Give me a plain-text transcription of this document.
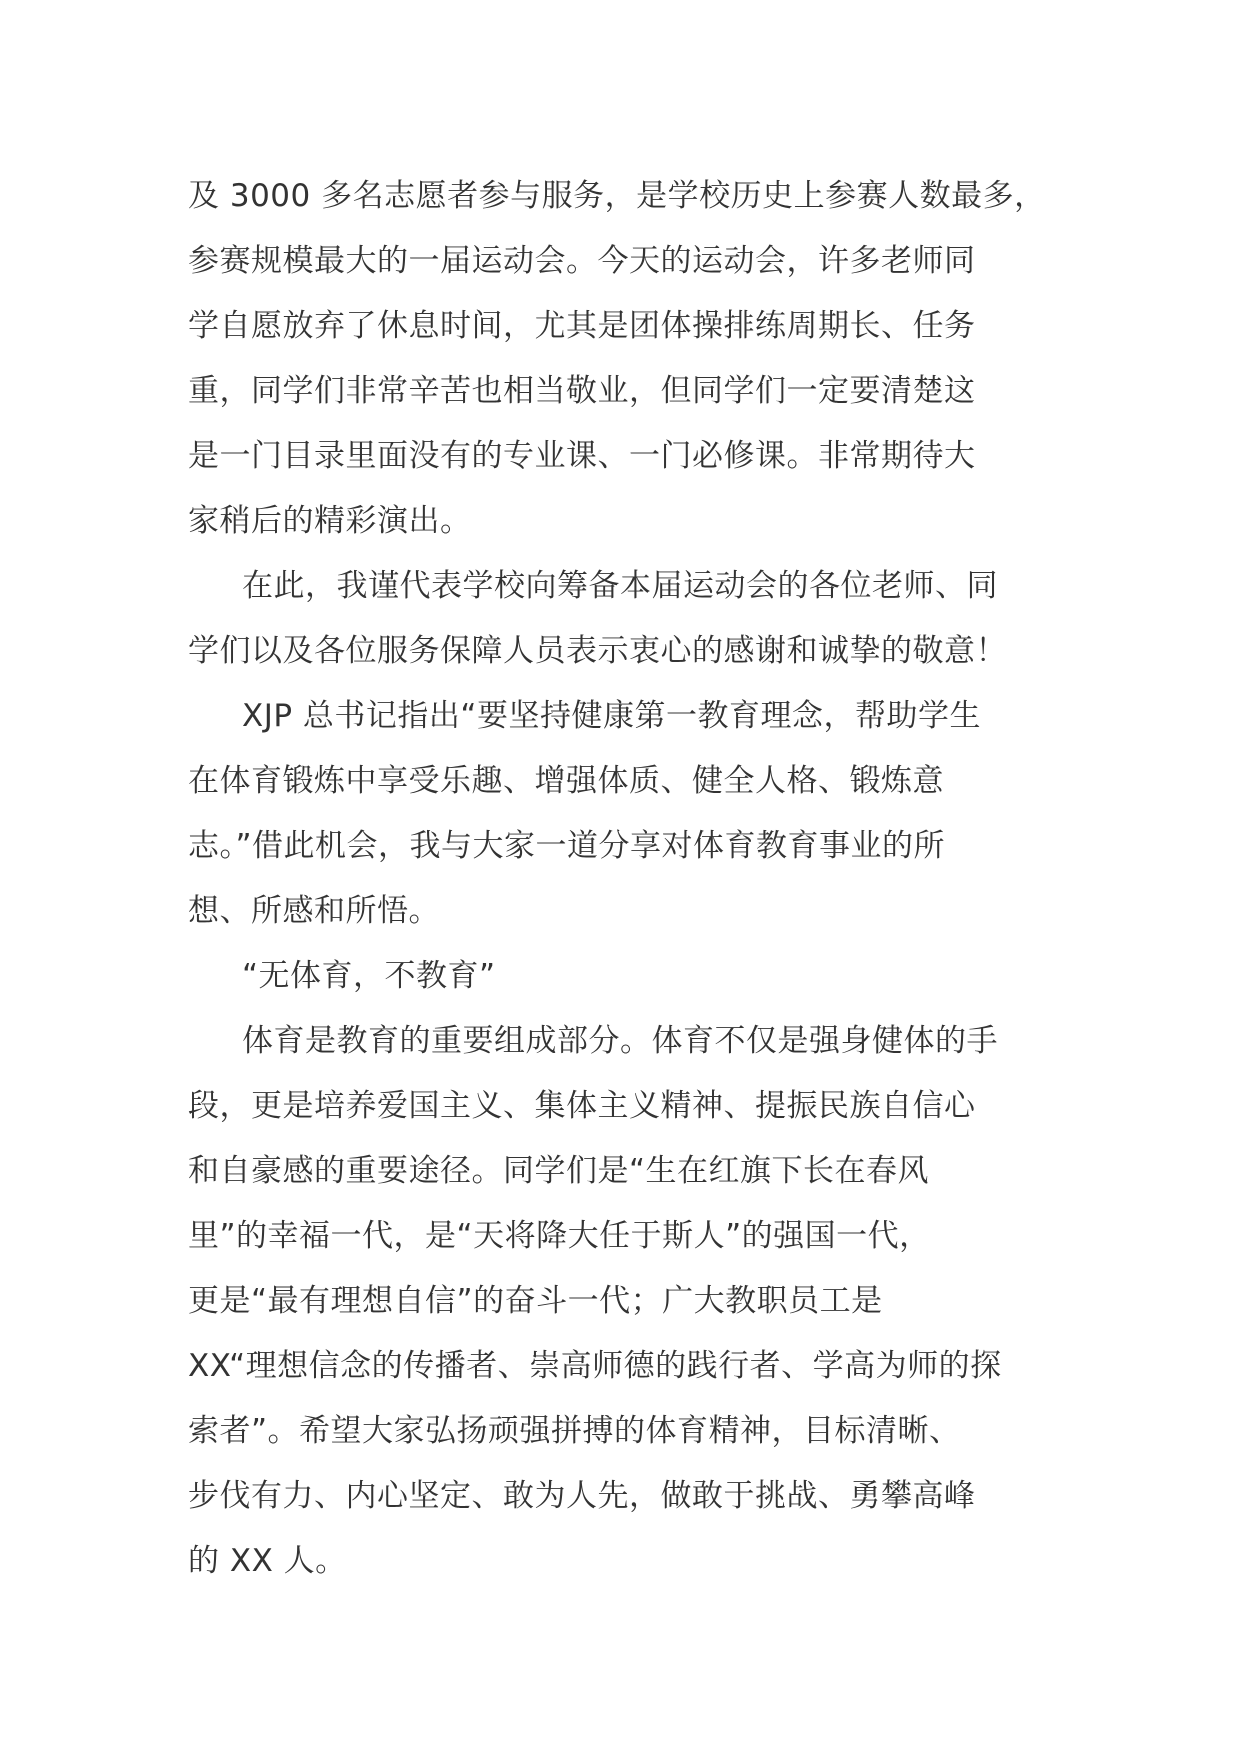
及 3000 多名志愿者参与服务，是学校历史上参赛人数最多，
参赛规模最大的一届运动会。今天的运动会，许多老师同
学自愿放弃了休息时间，尤其是团体操排练周期长、任务
重，同学们非常辛苦也相当敬业，但同学们一定要清楚这
是一门目录里面没有的专业课、一门必修课。非常期待大
家稍后的精彩演出。
在此，我谨代表学校向筹备本届运动会的各位老师、同
学们以及各位服务保障人员表示衷心的感谢和诚挚的敬意！
XJP 总书记指出“要坚持健康第一教育理念，帮助学生
在体育锻炼中享受乐趣、增强体质、健全人格、锻炼意
志。”借此机会，我与大家一道分享对体育教育事业的所
想、所感和所悟。
“无体育，不教育”
体育是教育的重要组成部分。体育不仅是强身健体的手
段，更是培养爱国主义、集体主义精神、提振民族自信心
和自豪感的重要途径。同学们是“生在红旗下长在春风
里”的幸福一代，是“天将降大任于斯人”的强国一代，
更是“最有理想自信”的奋斗一代；广大教职员工是
XX“理想信念的传播者、崇高师德的践行者、学高为师的探
索者”。希望大家弘扬顽强拼搏的体育精神，目标清晰、
步伐有力、内心坚定、敢为人先，做敢于挑战、勇攀高峰
的 XX 人。
